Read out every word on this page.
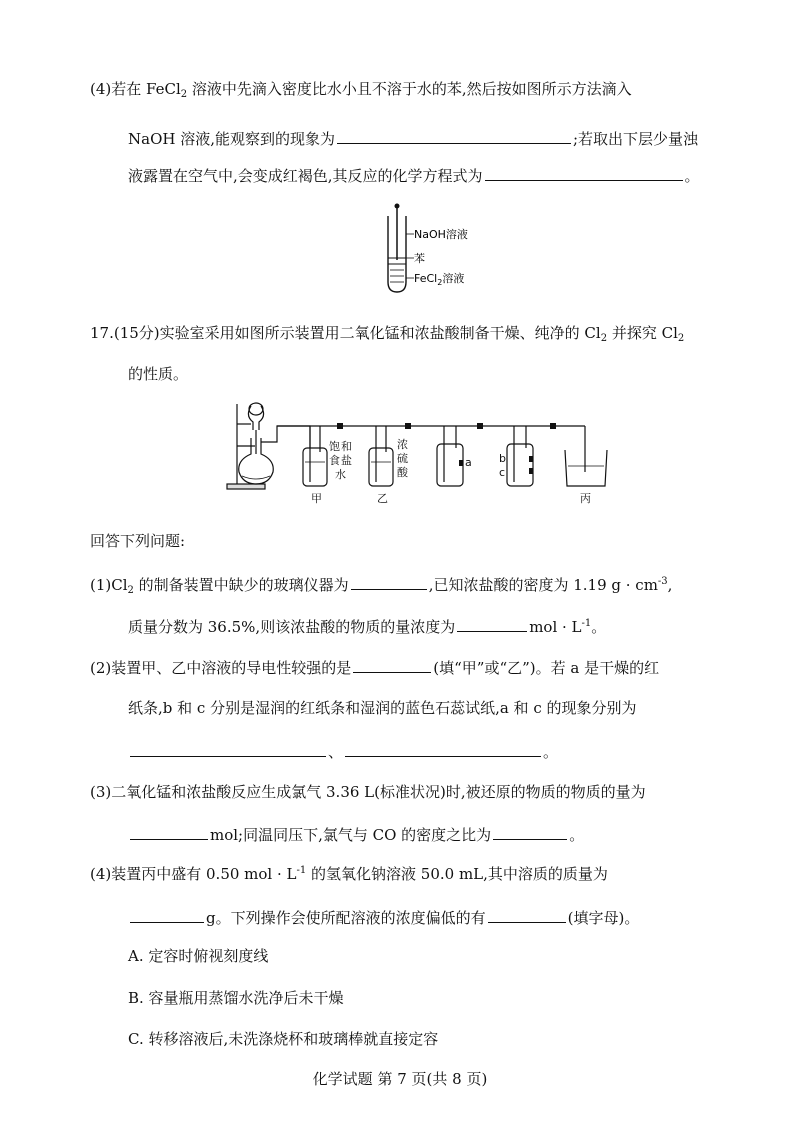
(4)若在 FeCl$_2$ 溶液中先滴入密度比水小且不溶于水的苯,然后按如图所示方法滴入
NaOH 溶液,能观察到的现象为	;若取出下层少量浊
液露置在空气中,会变成红褐色,其反应的化学方程式为	。
NaOH溶液
苯
FeCl$_2$溶液
17.(15分)实验室采用如图所示装置用二氧化锰和浓盐酸制备干燥、纯净的 $Cl_2$ 并探究 $Cl_2$
的性质。
饱 和
食 盐
水
浓
硫
酸
甲	乙	丙
a b
c
回答下列问题:
$(1)Cl_2$ 的制备装置中缺少的玻璃仪器为	,已知浓盐酸的密度为 1.19 $g \cdot cm^{-3}$,
质量分数为 36.5%,则该浓盐酸的物质的量浓度为	mol · $L^{-1}$。
(2)装置甲、乙中溶液的导电性较强的是	(填“甲”或“乙”)。若 a 是干燥的红
纸条,b 和 c 分别是湿润的红纸条和湿润的蓝色石蕊试纸,a 和 c 的现象分别为
、	。
(3)二氧化锰和浓盐酸反应生成氯气 3.36 L(标准状况)时,被还原的物质的物质的量为
mol;同温同压下,氯气与 CO 的密度之比为	。
(4)装置丙中盛有 0.50 mol · $L^{-1}$ 的氢氧化钠溶液 50.0 mL,其中溶质的质量为
g。下列操作会使所配溶液的浓度偏低的有	(填字母)。
A. 定容时俯视刻度线
B. 容量瓶用蒸馏水洗净后未干燥
C. 转移溶液后,未洗涤烧杯和玻璃棒就直接定容
化学试题 第 7 页(共 8 页)
